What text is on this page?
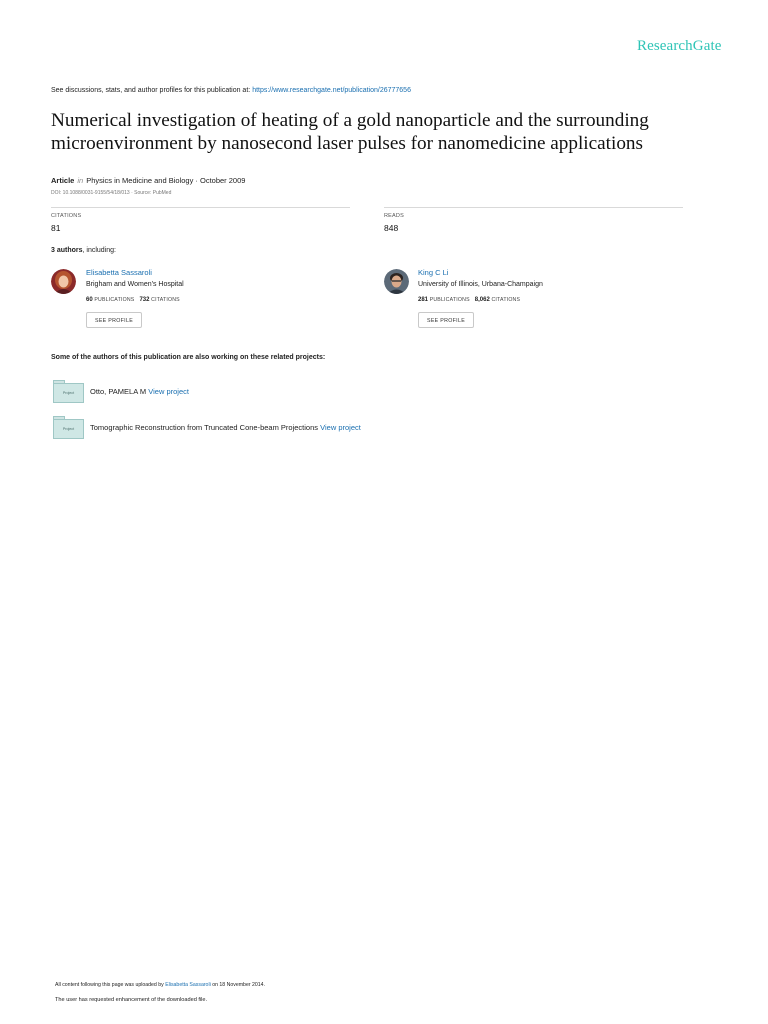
ResearchGate
See discussions, stats, and author profiles for this publication at: https://www.researchgate.net/publication/26777656
Numerical investigation of heating of a gold nanoparticle and the surrounding microenvironment by nanosecond laser pulses for nanomedicine applications
Article in Physics in Medicine and Biology · October 2009
DOI: 10.1088/0031-9155/54/18/013 · Source: PubMed
CITATIONS
81
READS
848
3 authors, including:
Elisabetta Sassaroli
Brigham and Women's Hospital
60 PUBLICATIONS 732 CITATIONS
SEE PROFILE
King C Li
University of Illinois, Urbana-Champaign
281 PUBLICATIONS 8,062 CITATIONS
SEE PROFILE
Some of the authors of this publication are also working on these related projects:
Project	Otto, PAMELA M View project
Project	Tomographic Reconstruction from Truncated Cone-beam Projections View project
All content following this page was uploaded by Elisabetta Sassaroli on 18 November 2014.
The user has requested enhancement of the downloaded file.
